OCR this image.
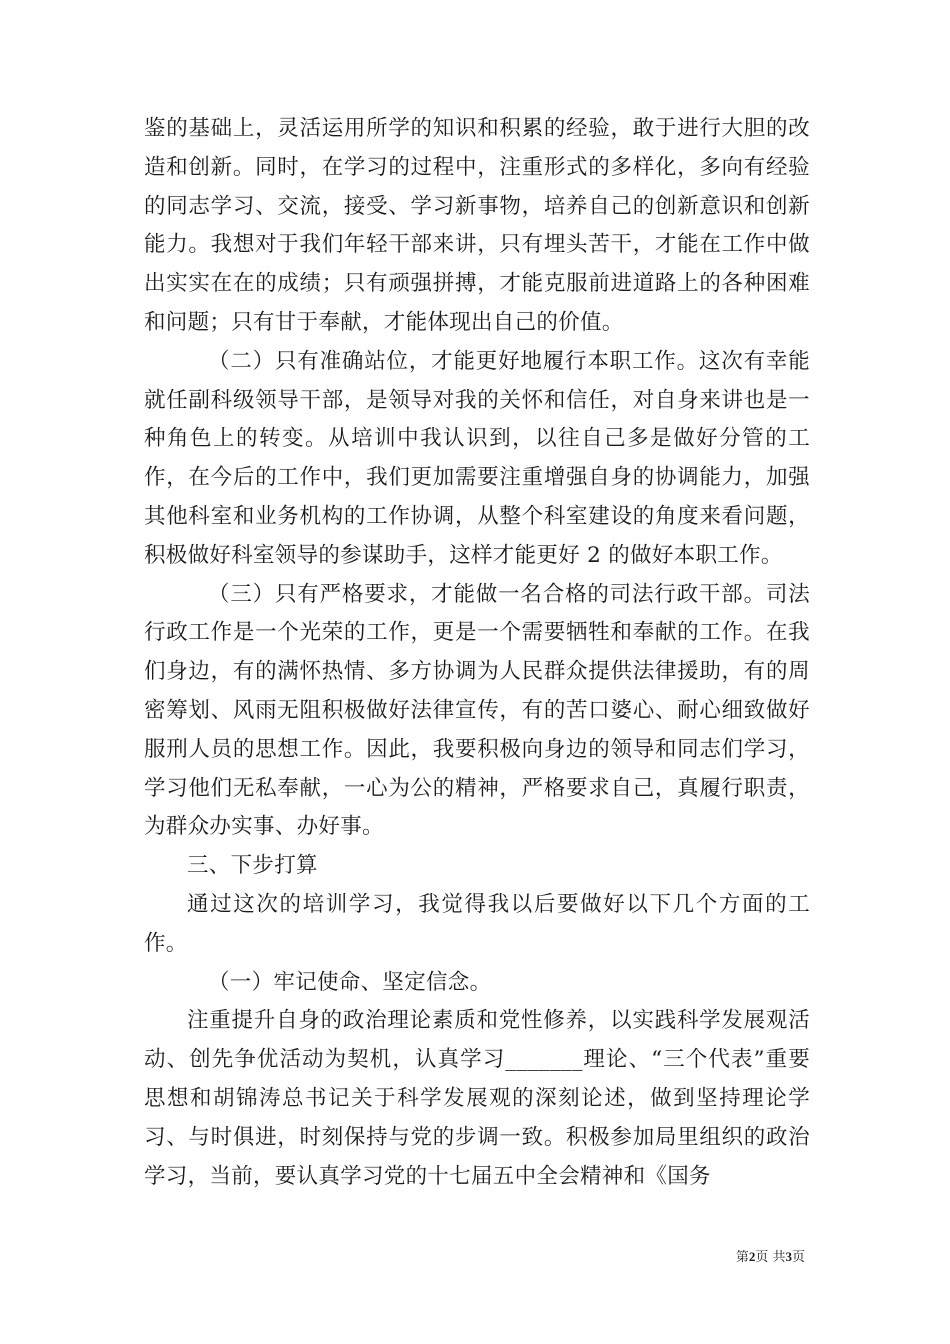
鉴的基础上，灵活运用所学的知识和积累的经验，敢于进行大胆的改造和创新。同时，在学习的过程中，注重形式的多样化，多向有经验的同志学习、交流，接受、学习新事物，培养自己的创新意识和创新能力。我想对于我们年轻干部来讲，只有埋头苦干，才能在工作中做出实实在在的成绩；只有顽强拼搏，才能克服前进道路上的各种困难和问题；只有甘于奉献，才能体现出自己的价值。

（二）只有准确站位，才能更好地履行本职工作。这次有幸能就任副科级领导干部，是领导对我的关怀和信任，对自身来讲也是一种角色上的转变。从培训中我认识到，以往自己多是做好分管的工作，在今后的工作中，我们更加需要注重增强自身的协调能力，加强其他科室和业务机构的工作协调，从整个科室建设的角度来看问题，积极做好科室领导的参谋助手，这样才能更好 2 的做好本职工作。

（三）只有严格要求，才能做一名合格的司法行政干部。司法行政工作是一个光荣的工作，更是一个需要牺牲和奉献的工作。在我们身边，有的满怀热情、多方协调为人民群众提供法律援助，有的周密筹划、风雨无阻积极做好法律宣传，有的苦口婆心、耐心细致做好服刑人员的思想工作。因此，我要积极向身边的领导和同志们学习，学习他们无私奉献，一心为公的精神，严格要求自己，真履行职责，为群众办实事、办好事。

三、下步打算

通过这次的培训学习，我觉得我以后要做好以下几个方面的工作。

（一）牢记使命、坚定信念。

注重提升自身的政治理论素质和党性修养，以实践科学发展观活动、创先争优活动为契机，认真学习_______理论、“三个代表”重要思想和胡锦涛总书记关于科学发展观的深刻论述，做到坚持理论学习、与时俱进，时刻保持与党的步调一致。积极参加局里组织的政治学习，当前，要认真学习党的十七届五中全会精神和《国务

第2页 共3页
